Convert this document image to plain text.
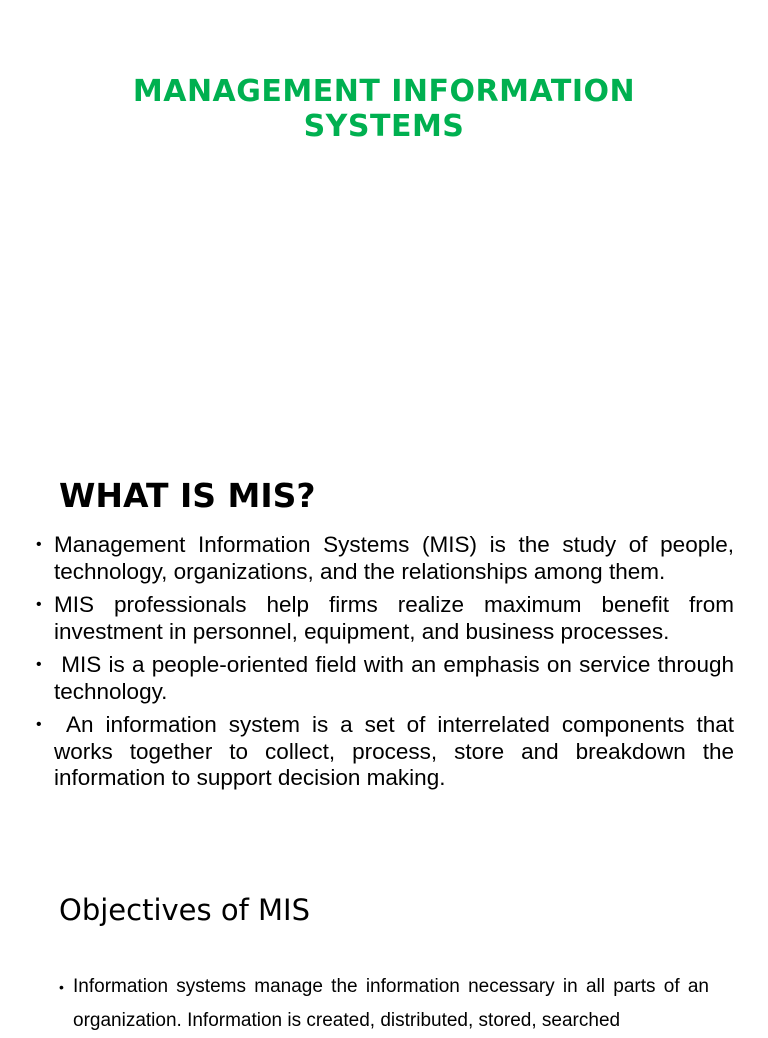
MANAGEMENT INFORMATION
SYSTEMS
WHAT IS MIS?
• Management Information Systems (MIS) is the study of people, technology, organizations, and the relationships among them.
• MIS professionals help firms realize maximum benefit from investment in personnel, equipment, and business processes.
• MIS is a people-oriented field with an emphasis on service through technology.
• An information system is a set of interrelated components that works together to collect, process, store and breakdown the information to support decision making.
Objectives of MIS
• Information systems manage the information necessary in all parts of an organization. Information is created, distributed, stored, searched
